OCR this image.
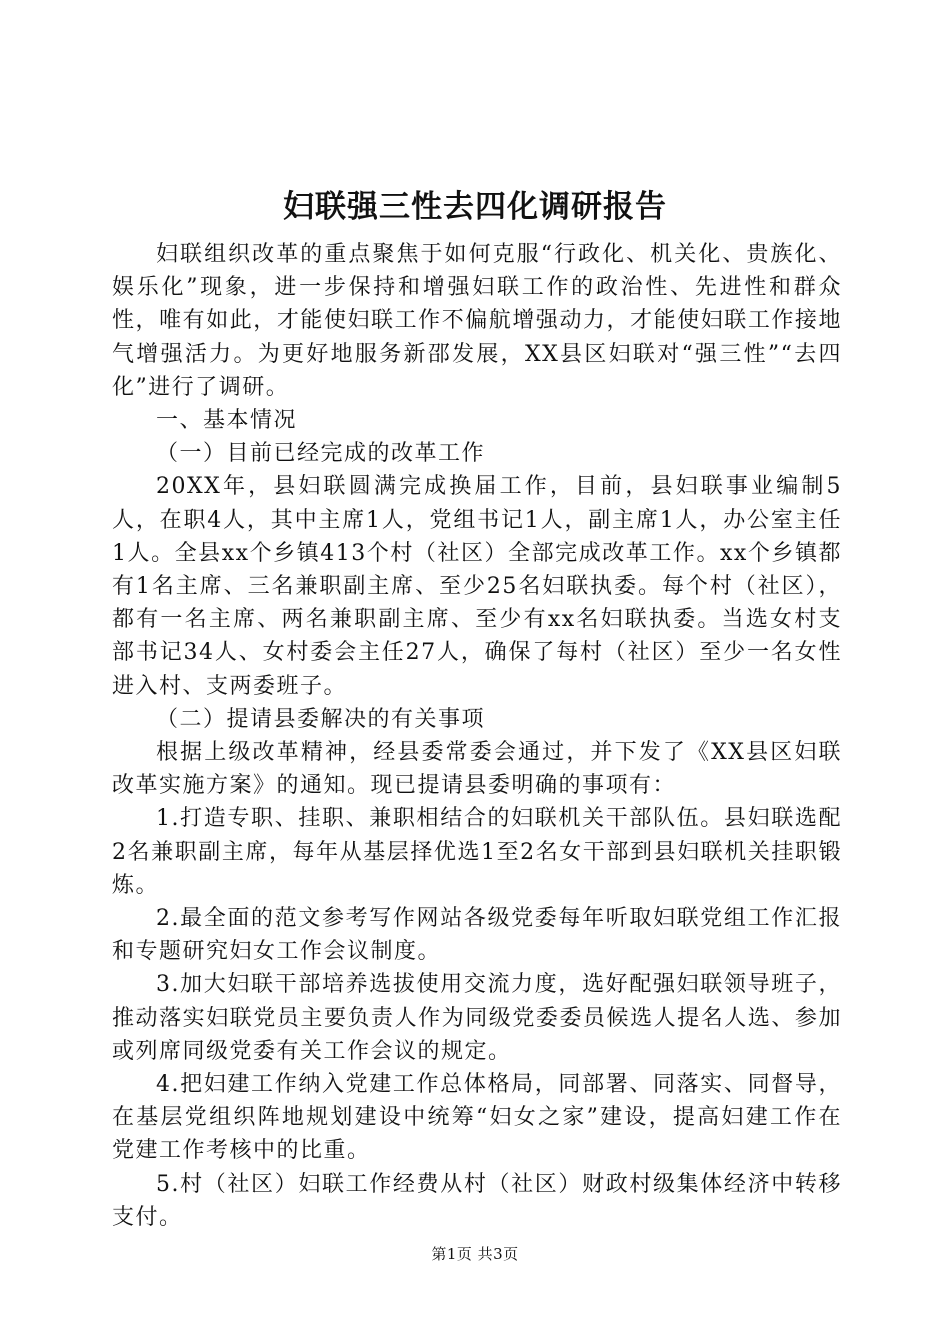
妇联强三性去四化调研报告

妇联组织改革的重点聚焦于如何克服“行政化、机关化、贵族化、娱乐化”现象，进一步保持和增强妇联工作的政治性、先进性和群众性，唯有如此，才能使妇联工作不偏航增强动力，才能使妇联工作接地气增强活力。为更好地服务新邵发展，XX县区妇联对“强三性”“去四化”进行了调研。

一、基本情况

（一）目前已经完成的改革工作

20XX年，县妇联圆满完成换届工作，目前，县妇联事业编制5人，在职4人，其中主席1人，党组书记1人，副主席1人，办公室主任1人。全县xx个乡镇413个村（社区）全部完成改革工作。xx个乡镇都有1名主席、三名兼职副主席、至少25名妇联执委。每个村（社区），都有一名主席、两名兼职副主席、至少有xx名妇联执委。当选女村支部书记34人、女村委会主任27人，确保了每村（社区）至少一名女性进入村、支两委班子。

（二）提请县委解决的有关事项

根据上级改革精神，经县委常委会通过，并下发了《XX县区妇联改革实施方案》的通知。现已提请县委明确的事项有：

1.打造专职、挂职、兼职相结合的妇联机关干部队伍。县妇联选配2名兼职副主席，每年从基层择优选1至2名女干部到县妇联机关挂职锻炼。

2.最全面的范文参考写作网站各级党委每年听取妇联党组工作汇报和专题研究妇女工作会议制度。

3.加大妇联干部培养选拔使用交流力度，选好配强妇联领导班子，推动落实妇联党员主要负责人作为同级党委委员候选人提名人选、参加或列席同级党委有关工作会议的规定。

4.把妇建工作纳入党建工作总体格局，同部署、同落实、同督导，在基层党组织阵地规划建设中统筹“妇女之家”建设，提高妇建工作在党建工作考核中的比重。

5.村（社区）妇联工作经费从村（社区）财政村级集体经济中转移支付。

第1页 共3页
